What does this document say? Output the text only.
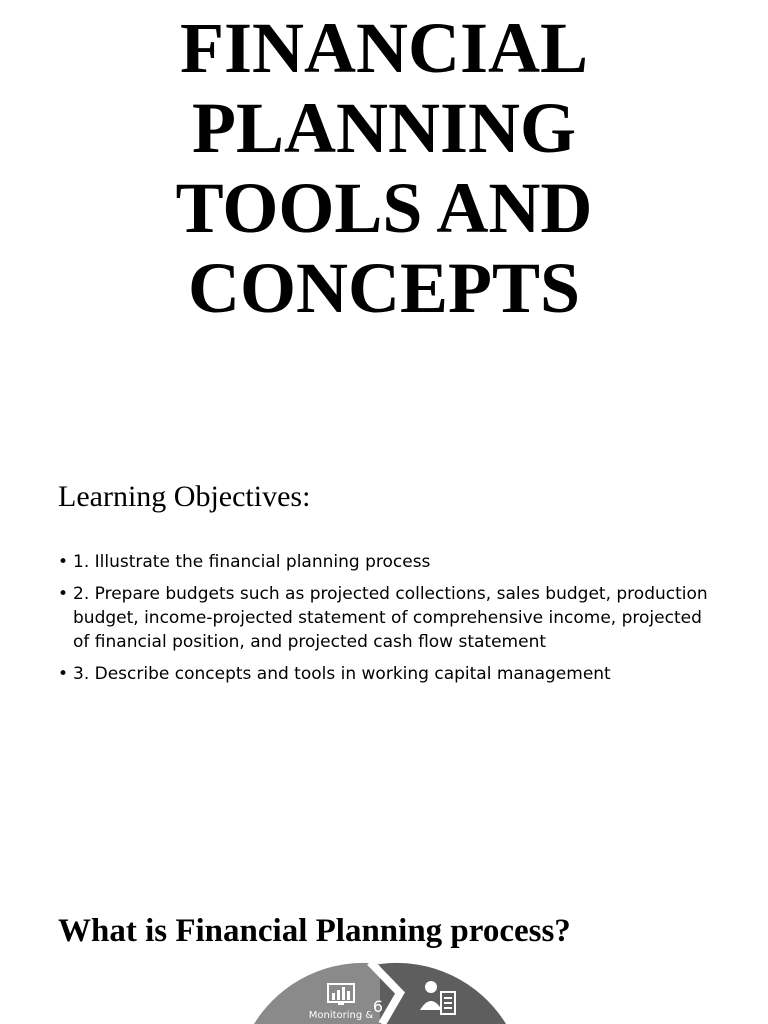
FINANCIAL
PLANNING
TOOLS AND
CONCEPTS
Learning Objectives:
• 1. Illustrate the financial planning process
• 2. Prepare budgets such as projected collections, sales budget, production budget, income-projected statement of comprehensive income, projected of financial position, and projected cash flow statement
• 3. Describe concepts and tools in working capital management
What is Financial Planning process?
6
Monitoring &
